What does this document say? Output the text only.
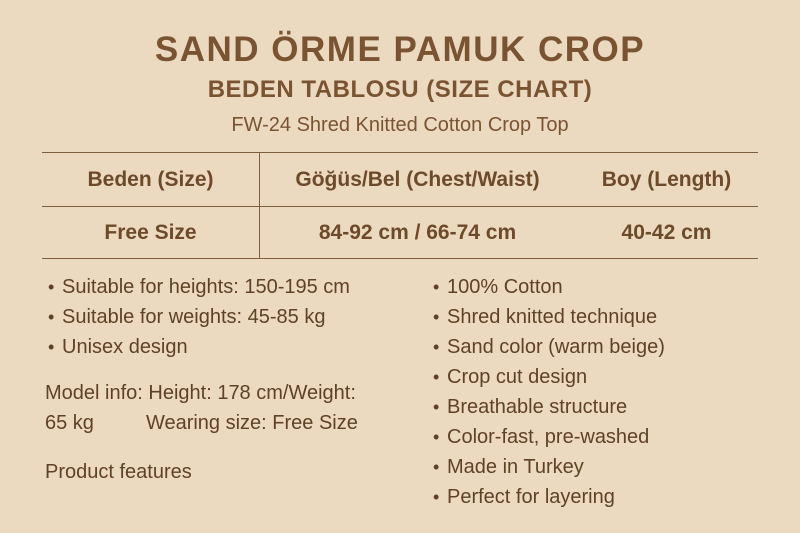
SAND ÖRME PAMUK CROP
BEDEN TABLOSU (SIZE CHART)

FW-24 Shred Knitted Cotton Crop Top

Beden (Size)	Göğüs/Bel (Chest/Waist)	Boy (Length)
Free Size	84-92 cm / 66-74 cm	40-42 cm
• Suitable for heights: 150-195 cm
• Suitable for weights: 45-85 kg
• Unisex design

Model info: Height: 178 cm/Weight:
65 kg	Wearing size: Free Size

Product features

• 100% Cotton
• Shred knitted technique
• Sand color (warm beige)
• Crop cut design
• Breathable structure
• Color-fast, pre-washed
• Made in Turkey
• Perfect for layering
